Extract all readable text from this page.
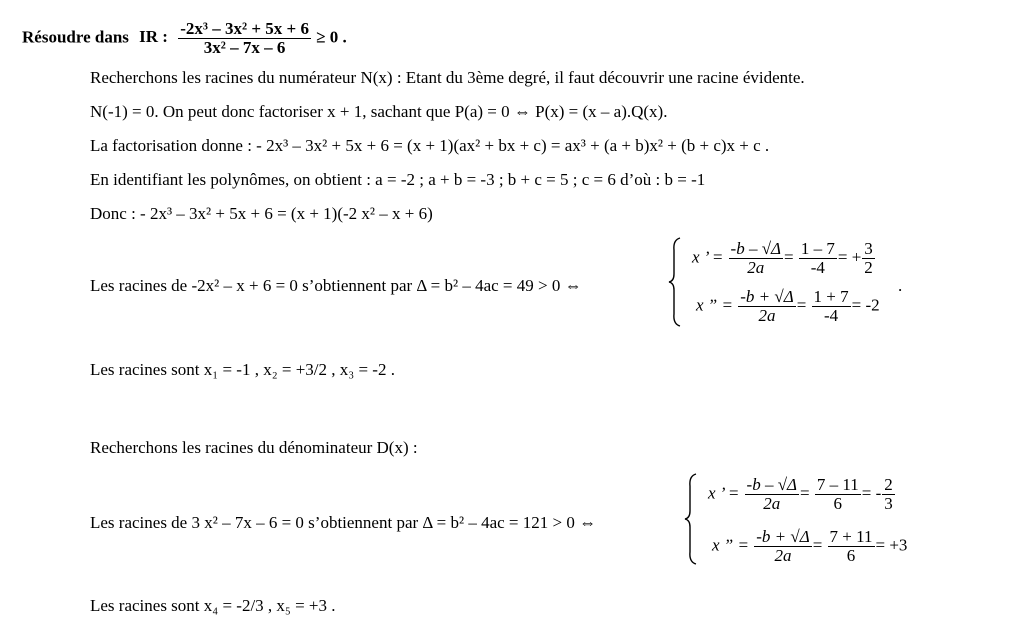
Résoudre dans IR : $\frac{\text{-2x³ – 3x² + 5x + 6}}{\text{3x² – 7x – 6}} \ge 0$ .
Recherchons les racines du numérateur N(x) : Etant du 3ème degré, il faut découvrir une racine évidente.
N(-1) = 0. On peut donc factoriser x + 1, sachant que P(a) = 0 ⇔ P(x) = (x – a).Q(x).
La factorisation donne : - 2x³ – 3x² + 5x + 6 = (x + 1)(ax² + bx + c) = ax³ + (a + b)x² + (b + c)x + c .
En identifiant les polynômes, on obtient : a = -2 ; a + b = -3 ; b + c = 5 ; c = 6 d’où : b = -1
Donc : - 2x³ – 3x² + 5x + 6 = (x + 1)(-2 x² – x + 6)
Les racines de -2x² – x + 6 = 0 s’obtiennent par Δ = b² – 4ac = 49 > 0 ⇔
x ’ = $\frac{-b - √\Delta}{2a} = \frac{1 - 7}{-4}$ = + $\frac{3}{2}$
.
x ” = $\frac{-b + √\Delta}{2a} = \frac{1 + 7}{-4} = -2$
Les racines sont x₁ = -1 , x₂ = +3/2 , x₃ = -2 .
Recherchons les racines du dénominateur D(x) :
Les racines de 3 x² – 7x – 6 = 0 s’obtiennent par Δ = b² – 4ac = 121 > 0 ⇔
x ’ = $\frac{-b - √\Delta}{2a} = \frac{7 - 11}{6}$ = - $\frac{2}{3}$
x ” = $\frac{-b + √\Delta}{2a} = \frac{7 + 11}{6} = +3$
Les racines sont x₄ = -2/3 , x₅ = +3 .
